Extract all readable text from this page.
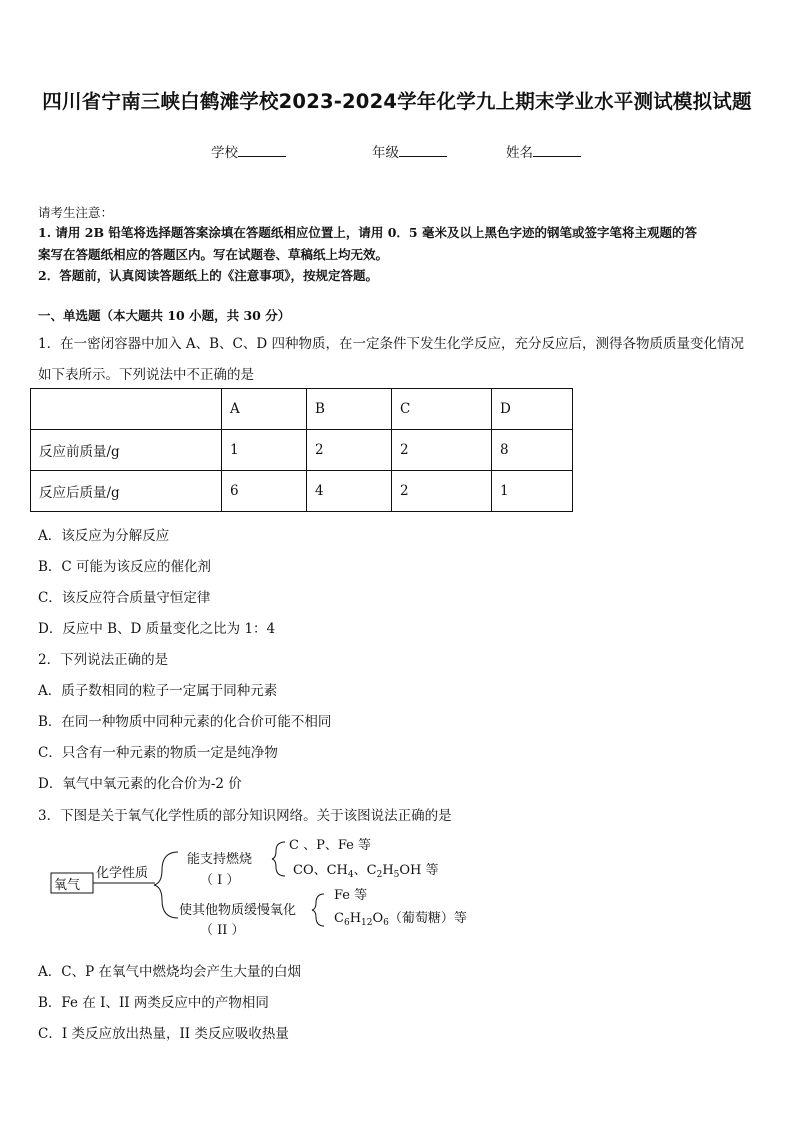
四川省宁南三峡白鹤滩学校2023-2024学年化学九上期末学业水平测试模拟试题
学校	年级	姓名
请考生注意：
1. 请用 2B 铅笔将选择题答案涂填在答题纸相应位置上，请用 0．5 毫米及以上黑色字迹的钢笔或签字笔将主观题的答
案写在答题纸相应的答题区内。写在试题卷、草稿纸上均无效。
2．答题前，认真阅读答题纸上的《注意事项》，按规定答题。
一、单选题（本大题共 10 小题，共 30 分）
1．在一密闭容器中加入 A、B、C、D 四种物质，在一定条件下发生化学反应，充分反应后，测得各物质质量变化情况
如下表所示。下列说法中不正确的是
	A	B	C	D
反应前质量/g	1	2	2	8
反应后质量/g	6	4	2	1
A．该反应为分解反应
B．C 可能为该反应的催化剂
C．该反应符合质量守恒定律
D．反应中 B、D 质量变化之比为 1：4
2．下列说法正确的是
A．质子数相同的粒子一定属于同种元素
B．在同一种物质中同种元素的化合价可能不相同
C．只含有一种元素的物质一定是纯净物
D．氧气中氧元素的化合价为-2 价
3．下图是关于氧气化学性质的部分知识网络。关于该图说法正确的是
氧气
化学性质
能支持燃烧
（ I ）
C 、P、Fe 等
CO、$CH_4$、$C_2H_5OH$ 等
使其他物质缓慢氧化
（ II ）
Fe 等
$C_6H_{12}O_6$（葡萄糖）等
A．C、P 在氧气中燃烧均会产生大量的白烟
B．Fe 在 I、II 两类反应中的产物相同
C．I 类反应放出热量，II 类反应吸收热量
